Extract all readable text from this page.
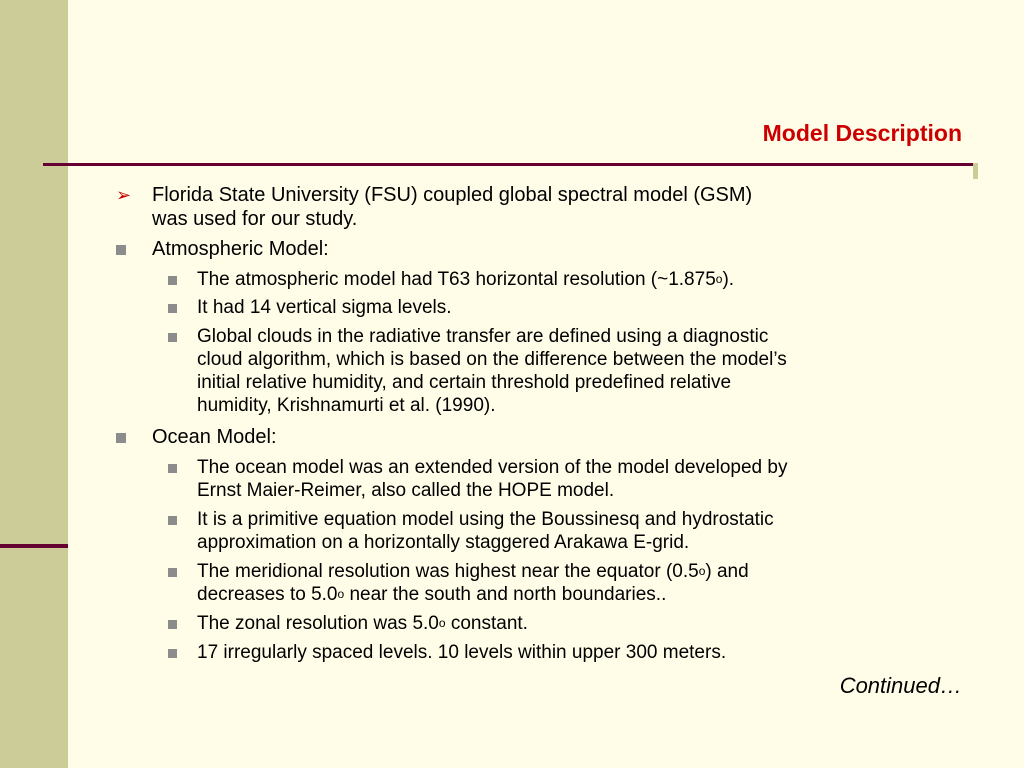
Model Description
➢ Florida State University (FSU) coupled global spectral model (GSM)
was used for our study.
Atmospheric Model:
The atmospheric model had T63 horizontal resolution (~1.875$^o$).
It had 14 vertical sigma levels.
Global clouds in the radiative transfer are defined using a diagnostic
cloud algorithm, which is based on the difference between the model’s
initial relative humidity, and certain threshold predefined relative
humidity, Krishnamurti et al. (1990).
Ocean Model:
The ocean model was an extended version of the model developed by
Ernst Maier-Reimer, also called the HOPE model.
It is a primitive equation model using the Boussinesq and hydrostatic
approximation on a horizontally staggered Arakawa E-grid.
The meridional resolution was highest near the equator (0.5$^o$) and
decreases to 5.0$^o$ near the south and north boundaries..
The zonal resolution was 5.0$^o$ constant.
17 irregularly spaced levels. 10 levels within upper 300 meters.
Continued…
